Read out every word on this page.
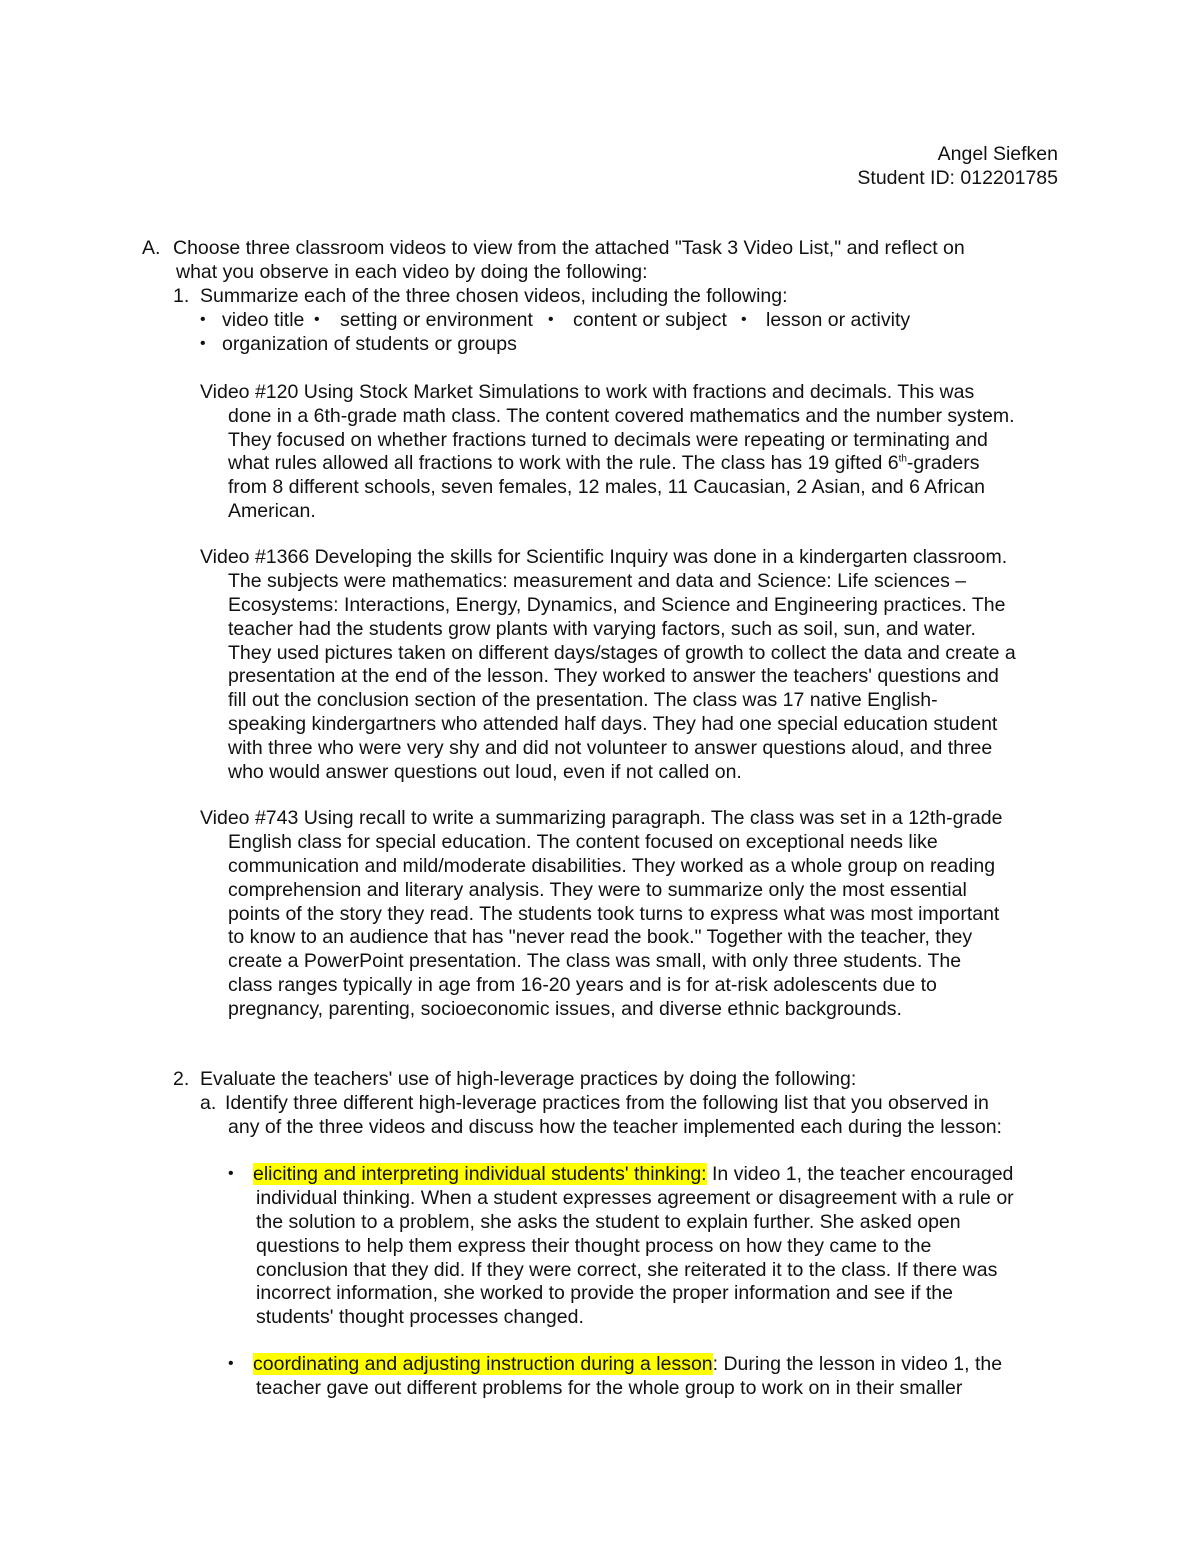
Angel Siefken
Student ID: 012201785
A. Choose three classroom videos to view from the attached "Task 3 Video List," and reflect on
what you observe in each video by doing the following:
1. Summarize each of the three chosen videos, including the following:
• video title • setting or environment • content or subject • lesson or activity
• organization of students or groups
Video #120 Using Stock Market Simulations to work with fractions and decimals. This was
done in a 6th-grade math class. The content covered mathematics and the number system.
They focused on whether fractions turned to decimals were repeating or terminating and
what rules allowed all fractions to work with the rule. The class has 19 gifted 6th-graders
from 8 different schools, seven females, 12 males, 11 Caucasian, 2 Asian, and 6 African
American.
Video #1366 Developing the skills for Scientific Inquiry was done in a kindergarten classroom.
The subjects were mathematics: measurement and data and Science: Life sciences –
Ecosystems: Interactions, Energy, Dynamics, and Science and Engineering practices. The
teacher had the students grow plants with varying factors, such as soil, sun, and water.
They used pictures taken on different days/stages of growth to collect the data and create a
presentation at the end of the lesson. They worked to answer the teachers' questions and
fill out the conclusion section of the presentation. The class was 17 native English-
speaking kindergartners who attended half days. They had one special education student
with three who were very shy and did not volunteer to answer questions aloud, and three
who would answer questions out loud, even if not called on.
Video #743 Using recall to write a summarizing paragraph. The class was set in a 12th-grade
English class for special education. The content focused on exceptional needs like
communication and mild/moderate disabilities. They worked as a whole group on reading
comprehension and literary analysis. They were to summarize only the most essential
points of the story they read. The students took turns to express what was most important
to know to an audience that has "never read the book." Together with the teacher, they
create a PowerPoint presentation. The class was small, with only three students. The
class ranges typically in age from 16-20 years and is for at-risk adolescents due to
pregnancy, parenting, socioeconomic issues, and diverse ethnic backgrounds.
2. Evaluate the teachers' use of high-leverage practices by doing the following:
a. Identify three different high-leverage practices from the following list that you observed in
any of the three videos and discuss how the teacher implemented each during the lesson:
• eliciting and interpreting individual students' thinking: In video 1, the teacher encouraged
individual thinking. When a student expresses agreement or disagreement with a rule or
the solution to a problem, she asks the student to explain further. She asked open
questions to help them express their thought process on how they came to the
conclusion that they did. If they were correct, she reiterated it to the class. If there was
incorrect information, she worked to provide the proper information and see if the
students' thought processes changed.
• coordinating and adjusting instruction during a lesson: During the lesson in video 1, the
teacher gave out different problems for the whole group to work on in their smaller
